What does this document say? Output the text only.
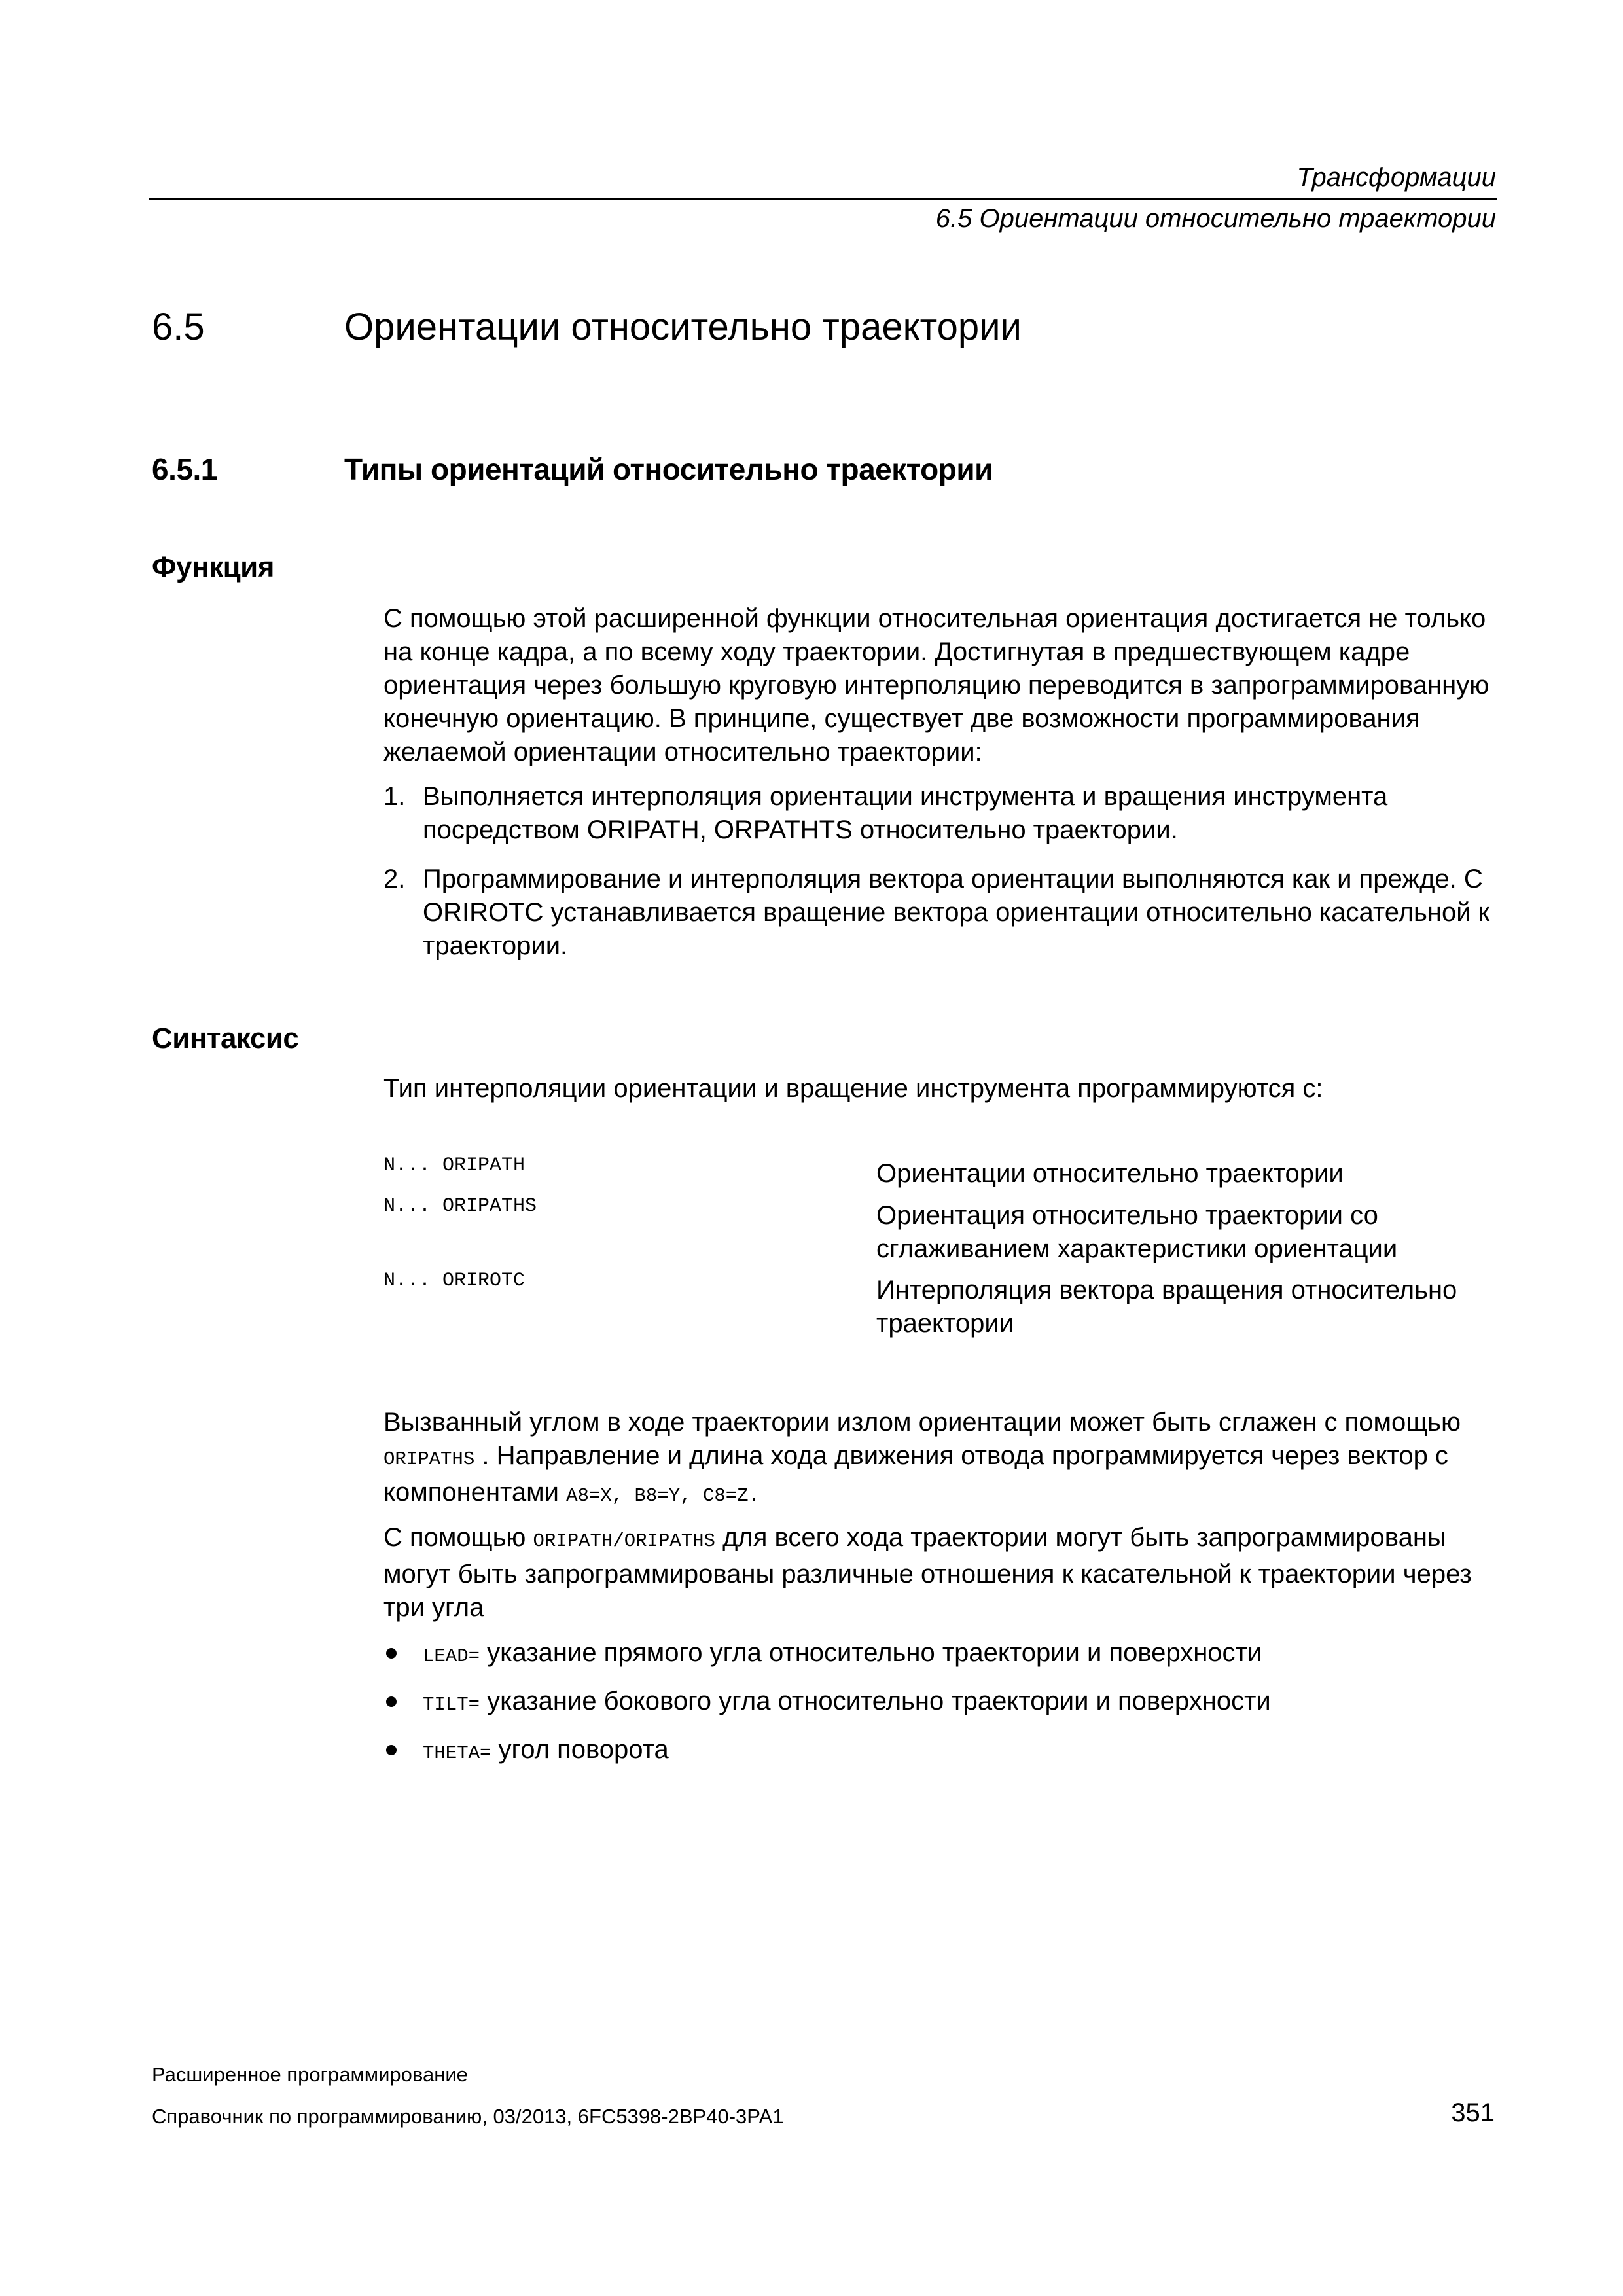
Трансформации
6.5 Ориентации относительно траектории
6.5	Ориентации относительно траектории
6.5.1	Типы ориентаций относительно траектории
Функция
С помощью этой расширенной функции относительная ориентация достигается не только на конце кадра, а по всему ходу траектории. Достигнутая в предшествующем кадре ориентация через большую круговую интерполяцию переводится в запрограммированную конечную ориентацию. В принципе, существует две возможности программирования желаемой ориентации относительно траектории:
1. Выполняется интерполяция ориентации инструмента и вращения инструмента посредством ORIPATH, ORPATHTS относительно траектории.
2. Программирование и интерполяция вектора ориентации выполняются как и прежде. С ORIROTC устанавливается вращение вектора ориентации относительно касательной к траектории.
Синтаксис
Тип интерполяции ориентации и вращение инструмента программируются с:
N... ORIPATH	Ориентации относительно траектории
N... ORIPATHS	Ориентация относительно траектории со сглаживанием характеристики ориентации
N... ORIROTC	Интерполяция вектора вращения относительно траектории
Вызванный углом в ходе траектории излом ориентации может быть сглажен с помощью ORIPATHS . Направление и длина хода движения отвода программируется через вектор с компонентами A8=X, B8=Y, C8=Z.
С помощью ORIPATH/ORIPATHS для всего хода траектории могут быть запрограммированы могут быть запрограммированы различные отношения к касательной к траектории через три угла
LEAD= указание прямого угла относительно траектории и поверхности
TILT= указание бокового угла относительно траектории и поверхности
THETA= угол поворота
Расширенное программирование
Справочник по программированию, 03/2013, 6FC5398-2BP40-3PA1	351
